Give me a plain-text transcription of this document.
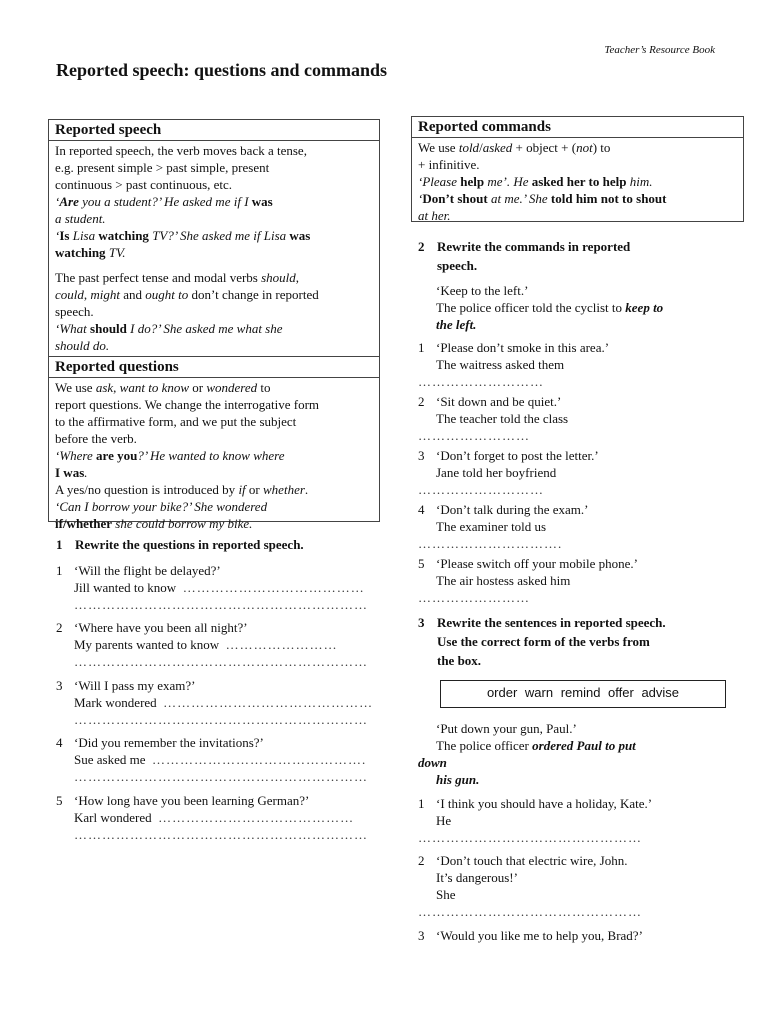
Teacher’s Resource Book
Reported speech: questions and commands
Reported speech

In reported speech, the verb moves back a tense,

e.g. present simple > past simple, present

continuous > past continuous, etc.

‘Are you a student?’ He asked me if I was

a student.

‘Is Lisa watching TV?’ She asked me if Lisa was

watching TV.

The past perfect tense and modal verbs should,

could, might and ought to don’t change in reported

speech.

‘What should I do?’ She asked me what she

should do.

Reported questions

We use ask, want to know or wondered to

report questions. We change the interrogative form

to the affirmative form, and we put the subject

before the verb.

‘Where are you?’ He wanted to know where

I was.

A yes/no question is introduced by if or whether.

‘Can I borrow your bike?’ She wondered

if/whether she could borrow my bike.

1 Rewrite the questions in reported speech.
1 ‘Will the flight be delayed?’
Jill wanted to know …………………………………
………………………………………………………
2 ‘Where have you been all night?’
My parents wanted to know ……………………
………………………………………………………
3 ‘Will I pass my exam?’
Mark wondered ………………………………………
………………………………………………………
4 ‘Did you remember the invitations?’
Sue asked me ……………………………………….
………………………………………………………
5 ‘How long have you been learning German?’
Karl wondered ……………………………………
………………………………………………………
Reported commands

We use told/asked + object + (not) to

+ infinitive.

‘Please help me’. He asked her to help him.

‘Don’t shout at me.’ She told him not to shout

at her.

2 Rewrite the commands in reported
speech.
‘Keep to the left.’
The police officer told the cyclist to keep to
the left.
1 ‘Please don’t smoke in this area.’
The waitress asked them
………………………
2 ‘Sit down and be quiet.’
The teacher told the class
……………………
3 ‘Don’t forget to post the letter.’
Jane told her boyfriend
………………………
4 ‘Don’t talk during the exam.’
The examiner told us
………………………….
5 ‘Please switch off your mobile phone.’
The air hostess asked him
……………………
3 Rewrite the sentences in reported speech.
Use the correct form of the verbs from
the box.
order warn remind offer advise
‘Put down your gun, Paul.’
The police officer ordered Paul to put
down
his gun.
1 ‘I think you should have a holiday, Kate.’
He
…………………………………………
2 ‘Don’t touch that electric wire, John.
It’s dangerous!’
She
…………………………………………
3 ‘Would you like me to help you, Brad?’
